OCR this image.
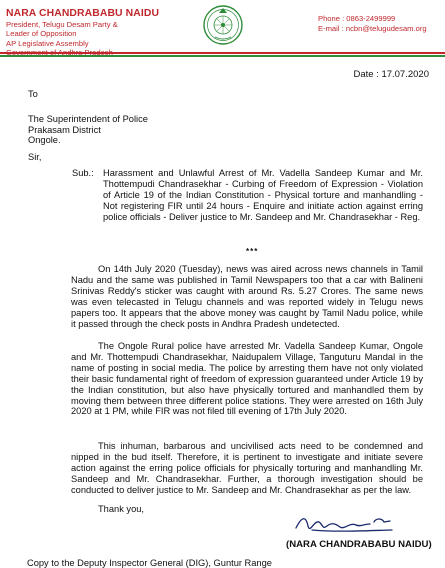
NARA CHANDRABABU NAIDU
President, Telugu Desam Party &
Leader of Opposition
AP Legislative Assembly
Phone : 0863-2499999
E-mail : ncbn@telugudesam.org
Date : 17.07.2020
To
The Superintendent of Police
Prakasam District
Ongole.
Sir,
Sub.: Harassment and Unlawful Arrest of Mr. Vadella Sandeep Kumar and Mr. Thottempudi Chandrasekhar - Curbing of Freedom of Expression - Violation of Article 19 of the Indian Constitution - Physical torture and manhandling - Not registering FIR until 24 hours - Enquire and initiate action against erring police officials - Deliver justice to Mr. Sandeep and Mr. Chandrasekhar - Reg.
***
On 14th July 2020 (Tuesday), news was aired across news channels in Tamil Nadu and the same was published in Tamil Newspapers too that a car with Balineni Srinivas Reddy's sticker was caught with around Rs. 5.27 Crores. The same news was even telecasted in Telugu channels and was reported widely in Telugu news papers too. It appears that the above money was caught by Tamil Nadu police, while it passed through the check posts in Andhra Pradesh undetected.
The Ongole Rural police have arrested Mr. Vadella Sandeep Kumar, Ongole and Mr. Thottempudi Chandrasekhar, Naidupalem Village, Tanguturu Mandal in the name of posting in social media. The police by arresting them have not only violated their basic fundamental right of freedom of expression guaranteed under Article 19 by the Indian constitution, but also have physically tortured and manhandled them by moving them between three different police stations. They were arrested on 16th July 2020 at 1 PM, while FIR was not filed till evening of 17th July 2020.
This inhuman, barbarous and uncivilised acts need to be condemned and nipped in the bud itself. Therefore, it is pertinent to investigate and initiate severe action against the erring police officials for physically torturing and manhandling Mr. Sandeep and Mr. Chandrasekhar. Further, a thorough investigation should be conducted to deliver justice to Mr. Sandeep and Mr. Chandrasekhar as per the law.
Thank you,
(NARA CHANDRABABU NAIDU)
Copy to the Deputy Inspector General (DIG), Guntur Range
